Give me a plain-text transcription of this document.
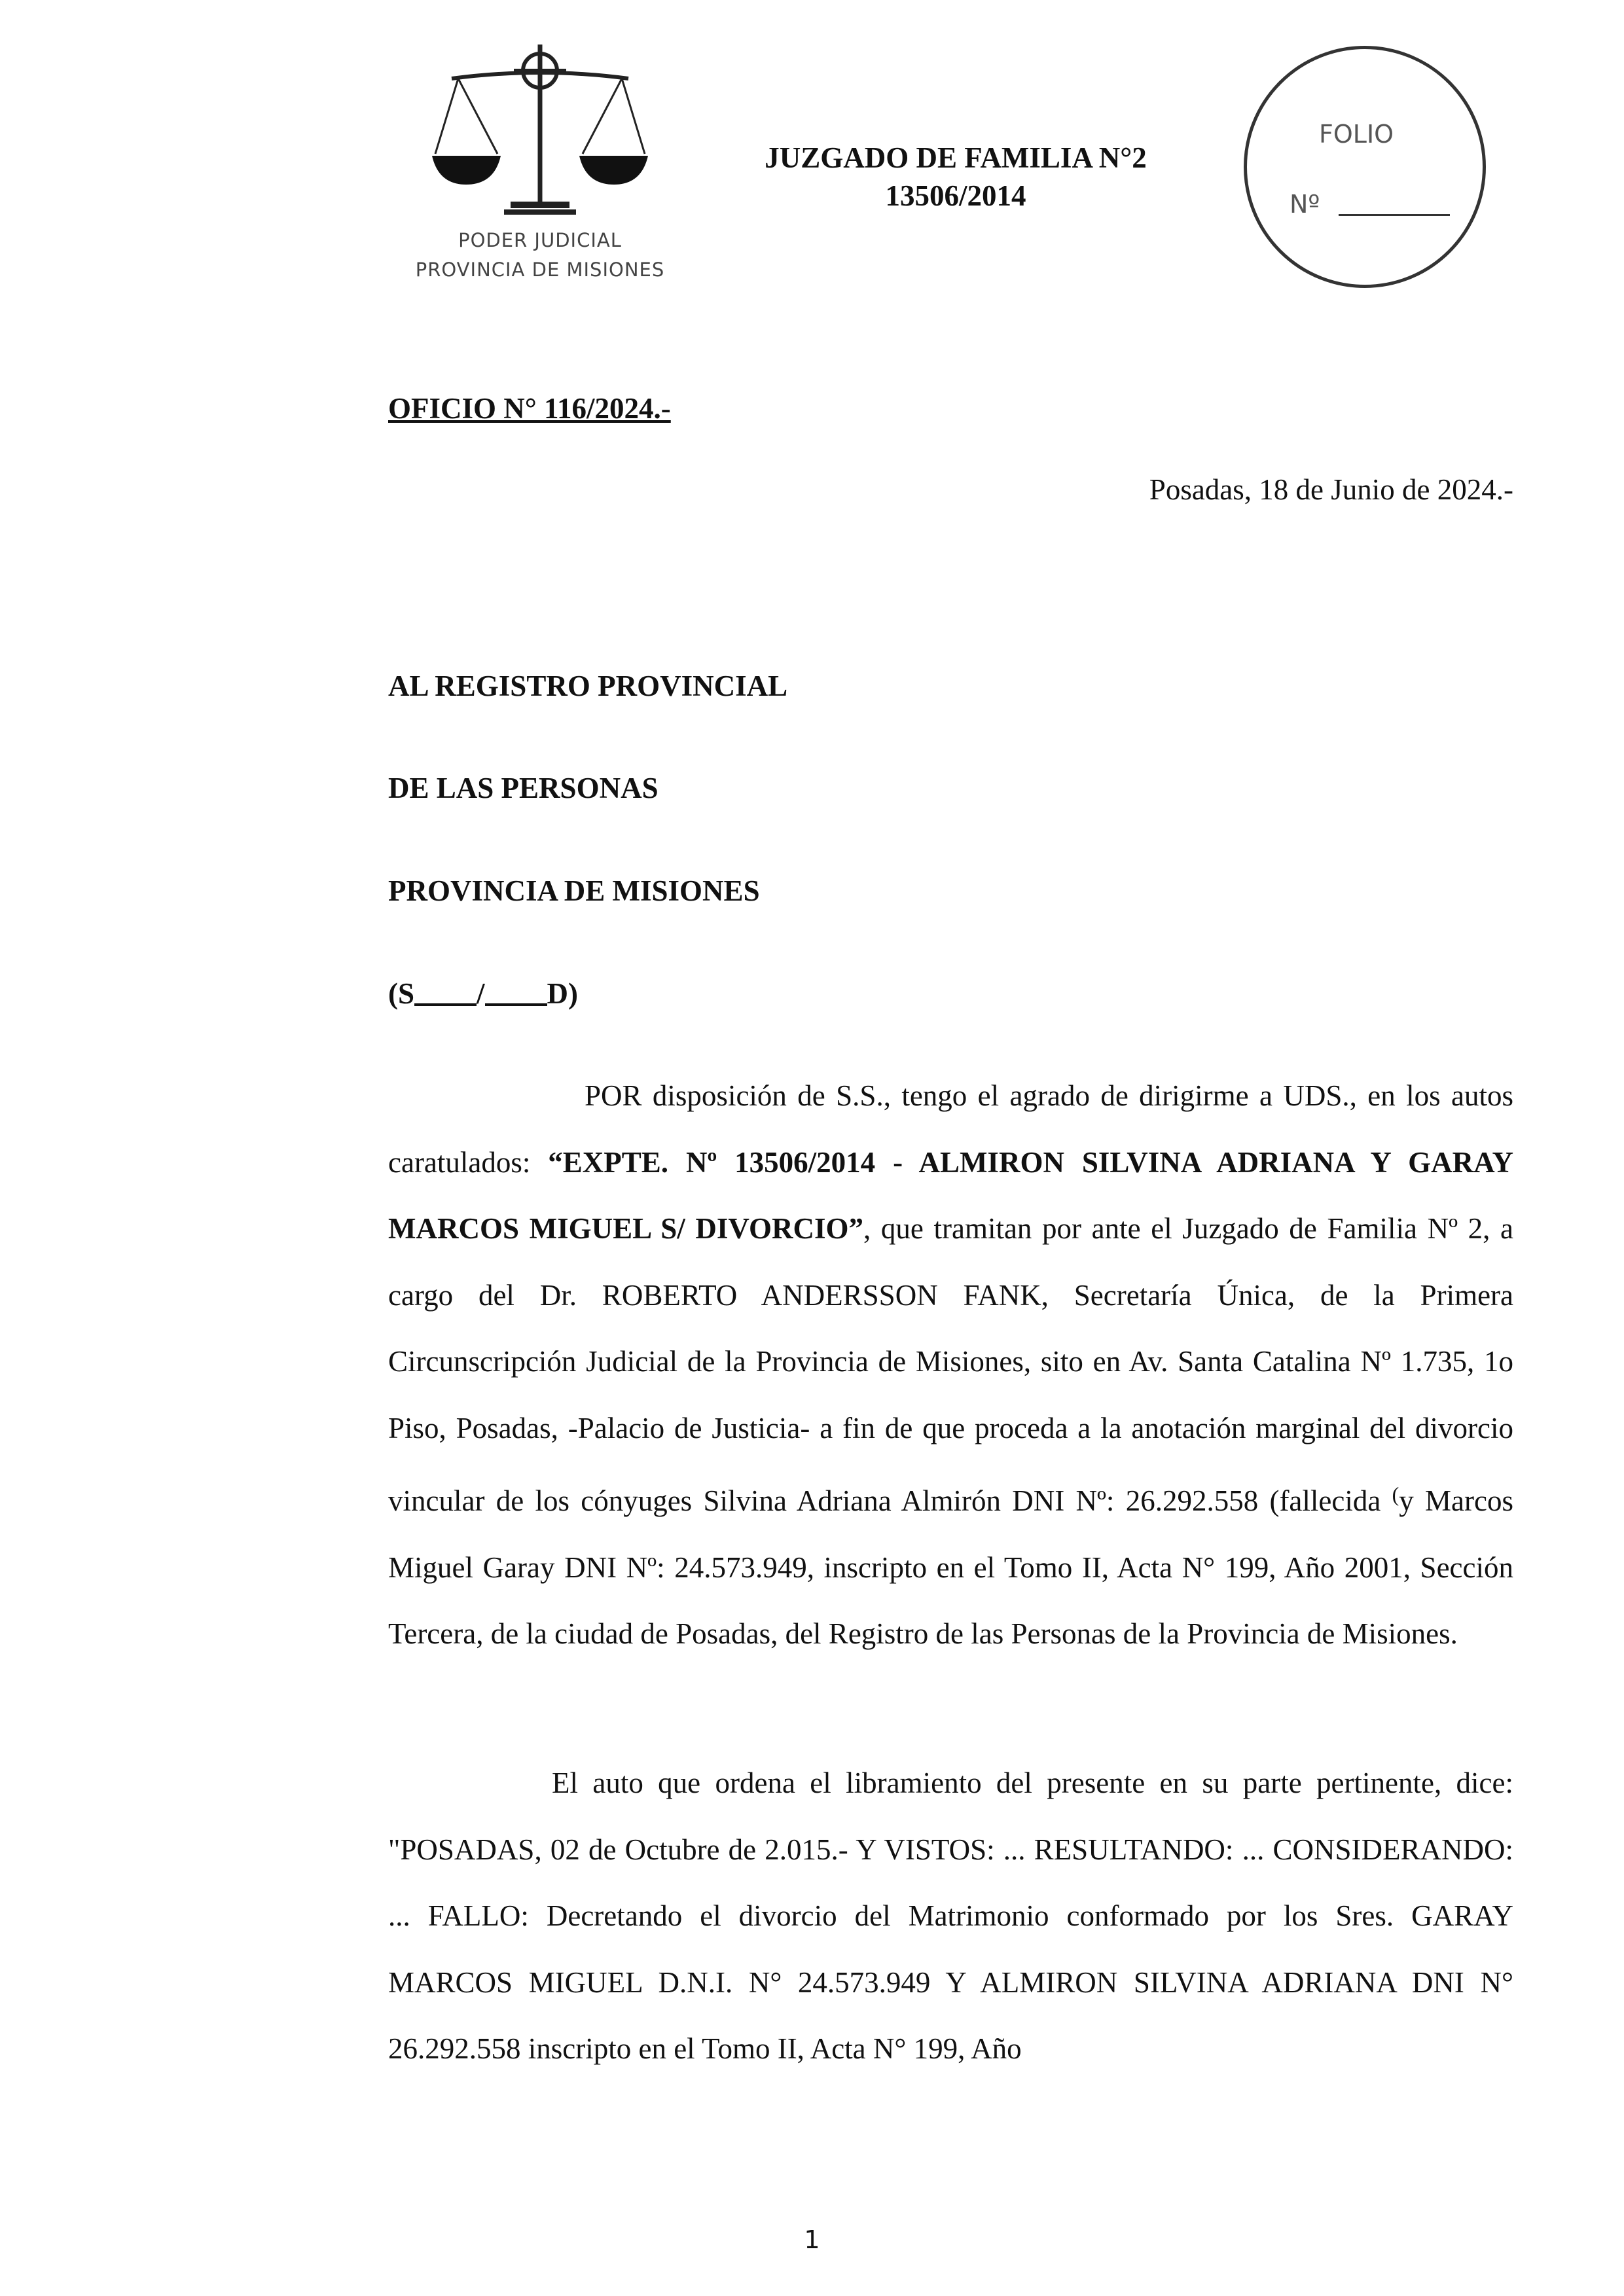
PODER JUDICIAL
PROVINCIA DE MISIONES
JUZGADO DE FAMILIA N°2
13506/2014
FOLIO
Nº
OFICIO N° 116/2024.-
Posadas, 18 de Junio de 2024.-
AL REGISTRO PROVINCIAL
DE LAS PERSONAS
PROVINCIA DE MISIONES
(S / D)
POR disposición de S.S., tengo el agrado de dirigirme a UDS., en los autos caratulados: “EXPTE. Nº 13506/2014 - ALMIRON SILVINA ADRIANA Y GARAY MARCOS MIGUEL S/ DIVORCIO”, que tramitan por ante el Juzgado de Familia Nº 2, a cargo del Dr. ROBERTO ANDERSSON FANK, Secretaría Única, de la Primera Circunscripción Judicial de la Provincia de Misiones, sito en Av. Santa Catalina Nº 1.735, 1o Piso, Posadas, -Palacio de Justicia- a fin de que proceda a la anotación marginal del divorcio vincular de los cónyuges Silvina Adriana Almirón DNI Nº: 26.292.558 (fallecida (y Marcos Miguel Garay DNI Nº: 24.573.949, inscripto en el Tomo II, Acta N° 199, Año 2001, Sección Tercera, de la ciudad de Posadas, del Registro de las Personas de la Provincia de Misiones.
El auto que ordena el libramiento del presente en su parte pertinente, dice: "POSADAS, 02 de Octubre de 2.015.- Y VISTOS: ... RESULTANDO: ... CONSIDERANDO: ... FALLO: Decretando el divorcio del Matrimonio conformado por los Sres. GARAY MARCOS MIGUEL D.N.I. N° 24.573.949 Y ALMIRON SILVINA ADRIANA DNI N° 26.292.558 inscripto en el Tomo II, Acta N° 199, Año
1
